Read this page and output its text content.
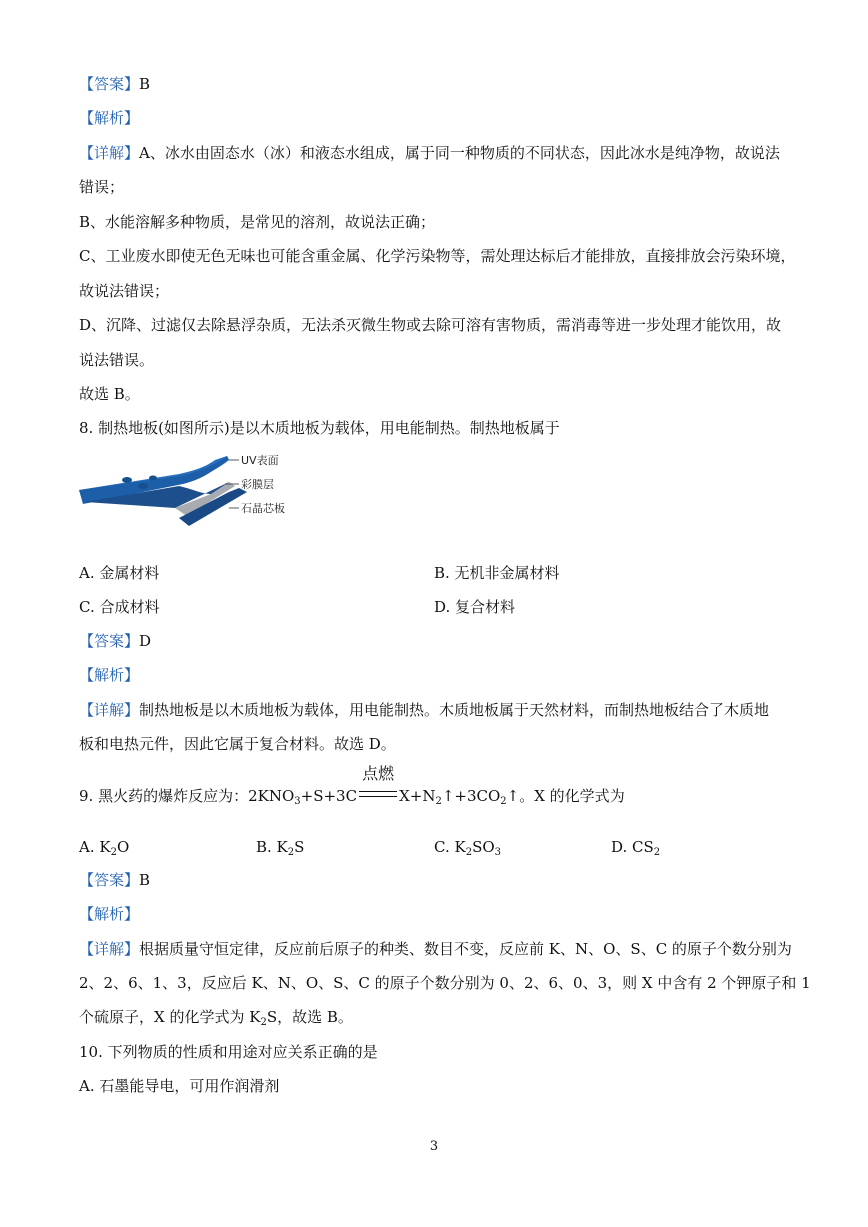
【答案】B
【解析】
【详解】A、冰水由固态水（冰）和液态水组成，属于同一种物质的不同状态，因此冰水是纯净物，故说法
错误；
B、水能溶解多种物质，是常见的溶剂，故说法正确；
C、工业废水即使无色无味也可能含重金属、化学污染物等，需处理达标后才能排放，直接排放会污染环境，
故说法错误；
D、沉降、过滤仅去除悬浮杂质，无法杀灭微生物或去除可溶有害物质，需消毒等进一步处理才能饮用，故
说法错误。
故选 B。
8. 制热地板(如图所示)是以木质地板为载体，用电能制热。制热地板属于
UV表面
彩膜层
石晶芯板
A. 金属材料	B. 无机非金属材料
C. 合成材料	D. 复合材料
【答案】D
【解析】
【详解】制热地板是以木质地板为载体，用电能制热。木质地板属于天然材料，而制热地板结合了木质地
板和电热元件，因此它属于复合材料。故选 D。
9. 黑火药的爆炸反应为：$2KNO_3+S+3C$
点燃
$X+N_2↑+3CO_2↑$。X 的化学式为
A. $K_2O$	B. $K_2S$	C. $K_2SO_3$	D. $CS_2$
【答案】B
【解析】
【详解】根据质量守恒定律，反应前后原子的种类、数目不变，反应前 K、N、O、S、C 的原子个数分别为
2、2、6、1、3，反应后 K、N、O、S、C 的原子个数分别为 0、2、6、0、3，则 X 中含有 2 个钾原子和 1
个硫原子，X 的化学式为 $K_2S$，故选 B。
10. 下列物质的性质和用途对应关系正确的是
A. 石墨能导电，可用作润滑剂
3
